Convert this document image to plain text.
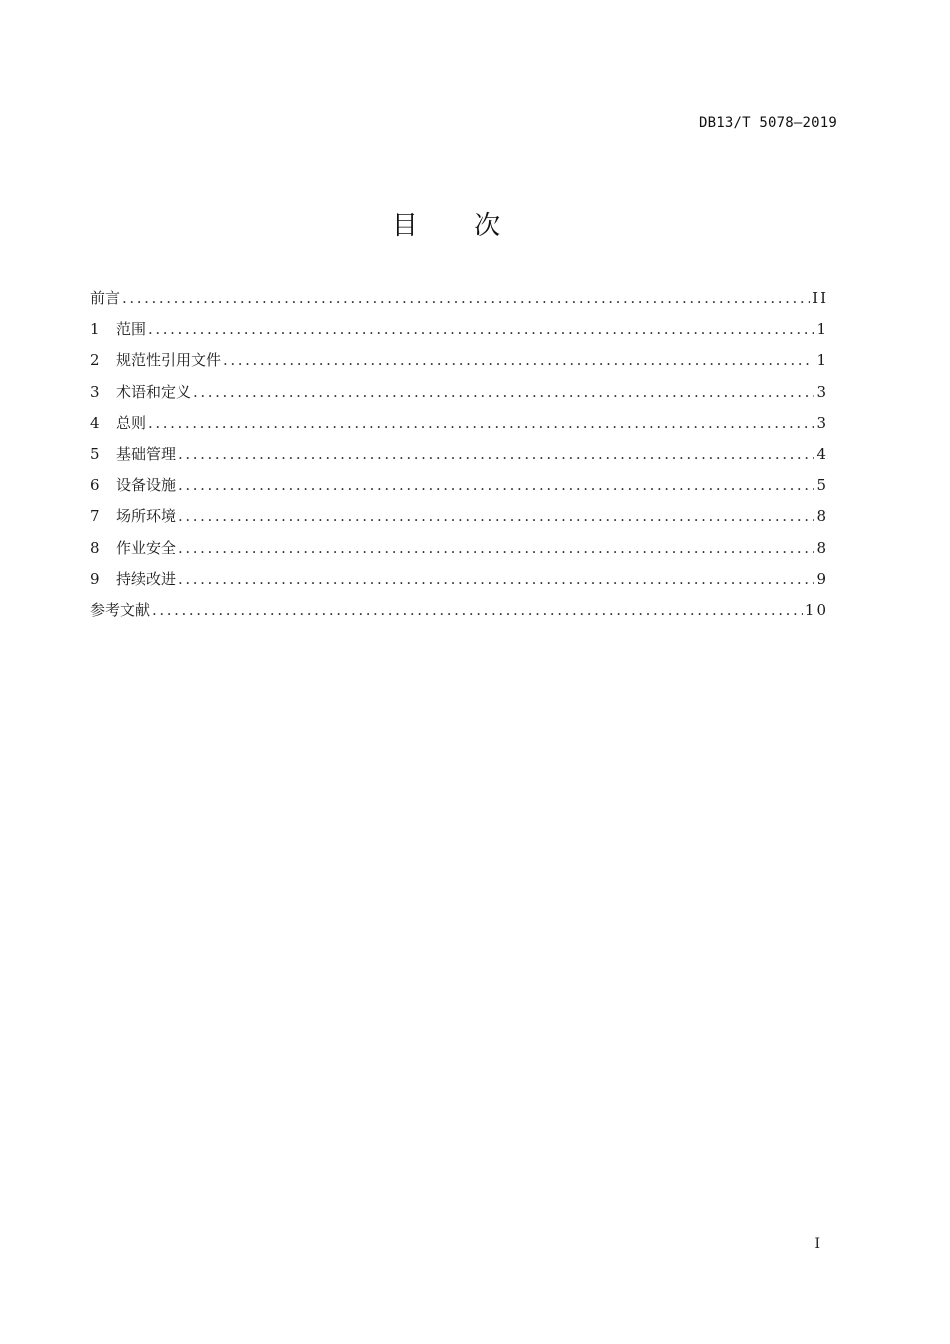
DB13/T 5078—2019
目 次
前言 .....	II
1	范围 .....	1
2	规范性引用文件 .....	1
3	术语和定义 .....	3
4	总则 .....	3
5	基础管理 .....	4
6	设备设施 .....	5
7	场所环境 .....	8
8	作业安全 .....	8
9	持续改进 .....	9
参考文献 .....	10
I
